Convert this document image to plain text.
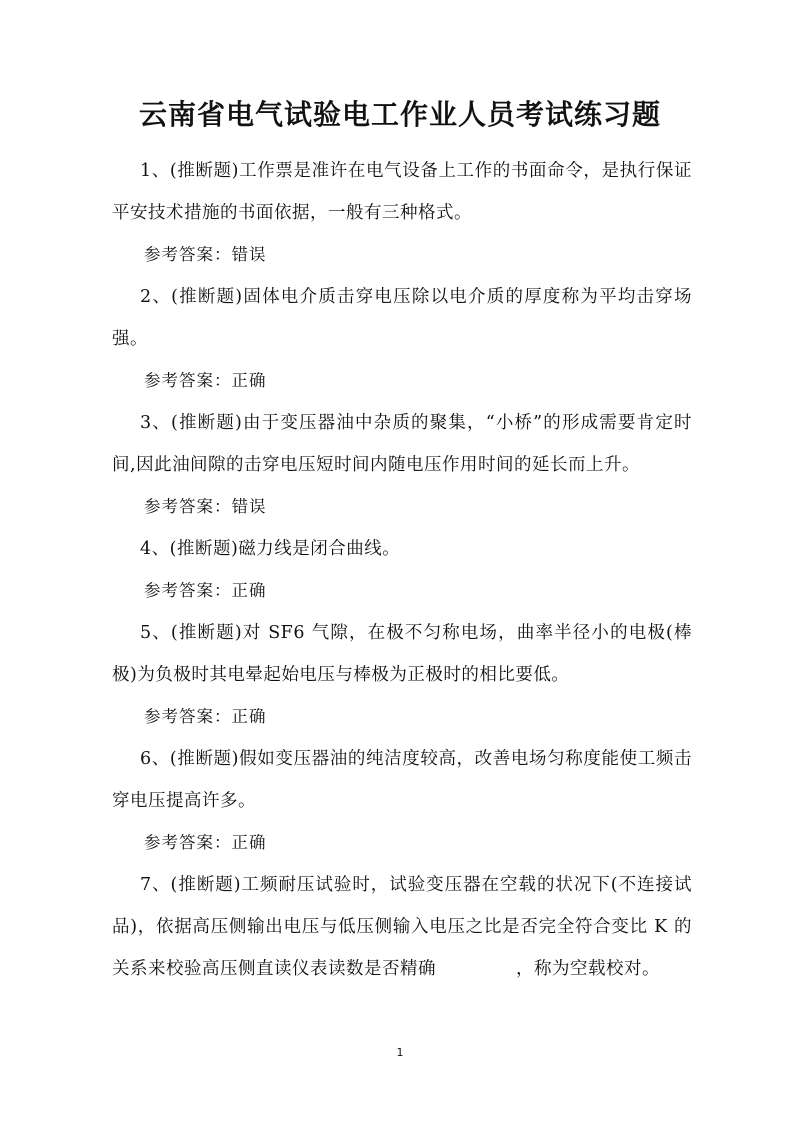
云南省电气试验电工作业人员考试练习题

1、(推断题)工作票是准许在电气设备上工作的书面命令，是执行保证平安技术措施的书面依据，一般有三种格式。

参考答案：错误

2、(推断题)固体电介质击穿电压除以电介质的厚度称为平均击穿场强。

参考答案：正确

3、(推断题)由于变压器油中杂质的聚集，“小桥”的形成需要肯定时间,因此油间隙的击穿电压短时间内随电压作用时间的延长而上升。

参考答案：错误

4、(推断题)磁力线是闭合曲线。

参考答案：正确

5、(推断题)对 SF6 气隙，在极不匀称电场，曲率半径小的电极(棒极)为负极时其电晕起始电压与棒极为正极时的相比要低。

参考答案：正确

6、(推断题)假如变压器油的纯洁度较高，改善电场匀称度能使工频击穿电压提高许多。

参考答案：正确

7、(推断题)工频耐压试验时，试验变压器在空载的状况下(不连接试品)，依据高压侧输出电压与低压侧输入电压之比是否完全符合变比 K 的关系来校验高压侧直读仪表读数是否精确	，称为空载校对。

1
